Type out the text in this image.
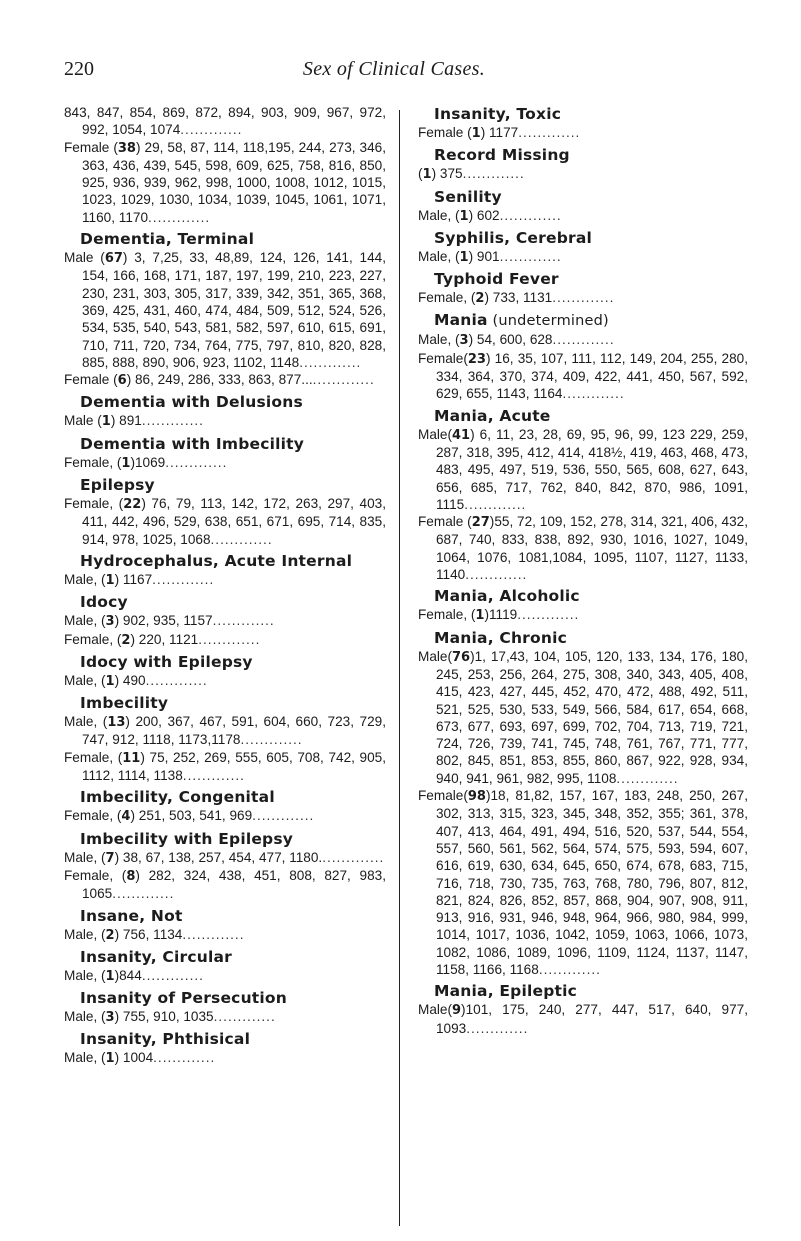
220	Sex of Clinical Cases.
843, 847, 854, 869, 872, 894, 903, 909, 967, 972, 992, 1054, 1074.............
Female (38) 29, 58, 87, 114, 118,195, 244, 273, 346, 363, 436, 439, 545, 598, 609, 625, 758, 816, 850, 925, 936, 939, 962, 998, 1000, 1008, 1012, 1015, 1023, 1029, 1030, 1034, 1039, 1045, 1061, 1071, 1160, 1170.............
Dementia, Terminal
Male (67) 3, 7,25, 33, 48,89, 124, 126, 141, 144, 154, 166, 168, 171, 187, 197, 199, 210, 223, 227, 230, 231, 303, 305, 317, 339, 342, 351, 365, 368, 369, 425, 431, 460, 474, 484, 509, 512, 524, 526, 534, 535, 540, 543, 581, 582, 597, 610, 615, 691, 710, 711, 720, 734, 764, 775, 797, 810, 820, 828, 885, 888, 890, 906, 923, 1102, 1148.............
Female (6) 86, 249, 286, 333, 863, 877................
Dementia with Delusions
Male (1) 891.............
Dementia with Imbecility
Female, (1)1069.............
Epilepsy
Female, (22) 76, 79, 113, 142, 172, 263, 297, 403, 411, 442, 496, 529, 638, 651, 671, 695, 714, 835, 914, 978, 1025, 1068.............
Hydrocephalus, Acute Internal
Male, (1) 1167.............
Idocy
Male, (3) 902, 935, 1157.............
Female, (2) 220, 1121.............
Idocy with Epilepsy
Male, (1) 490.............
Imbecility
Male, (13) 200, 367, 467, 591, 604, 660, 723, 729, 747, 912, 1118, 1173,1178.............
Female, (11) 75, 252, 269, 555, 605, 708, 742, 905, 1112, 1114, 1138.............
Imbecility, Congenital
Female, (4) 251, 503, 541, 969.............
Imbecility with Epilepsy
Male, (7) 38, 67, 138, 257, 454, 477, 1180..............
Female, (8) 282, 324, 438, 451, 808, 827, 983, 1065.............
Insane, Not
Male, (2) 756, 1134.............
Insanity, Circular
Male, (1)844.............
Insanity of Persecution
Male, (3) 755, 910, 1035.............
Insanity, Phthisical
Male, (1) 1004.............
Insanity, Toxic
Female (1) 1177.............
Record Missing
(1) 375.............
Senility
Male, (1) 602.............
Syphilis, Cerebral
Male, (1) 901.............
Typhoid Fever
Female, (2) 733, 1131.............
Mania (undetermined)
Male, (3) 54, 600, 628.............
Female(23) 16, 35, 107, 111, 112, 149, 204, 255, 280, 334, 364, 370, 374, 409, 422, 441, 450, 567, 592, 629, 655, 1143, 1164.............
Mania, Acute
Male(41) 6, 11, 23, 28, 69, 95, 96, 99, 123 229, 259, 287, 318, 395, 412, 414, 418½, 419, 463, 468, 473, 483, 495, 497, 519, 536, 550, 565, 608, 627, 643, 656, 685, 717, 762, 840, 842, 870, 986, 1091, 1115.............
Female (27)55, 72, 109, 152, 278, 314, 321, 406, 432, 687, 740, 833, 838, 892, 930, 1016, 1027, 1049, 1064, 1076, 1081,1084, 1095, 1107, 1127, 1133, 1140.............
Mania, Alcoholic
Female, (1)1119.............
Mania, Chronic
Male(76)1, 17,43, 104, 105, 120, 133, 134, 176, 180, 245, 253, 256, 264, 275, 308, 340, 343, 405, 408, 415, 423, 427, 445, 452, 470, 472, 488, 492, 511, 521, 525, 530, 533, 549, 566, 584, 617, 654, 668, 673, 677, 693, 697, 699, 702, 704, 713, 719, 721, 724, 726, 739, 741, 745, 748, 761, 767, 771, 777, 802, 845, 851, 853, 855, 860, 867, 922, 928, 934, 940, 941, 961, 982, 995, 1108.............
Female(98)18, 81,82, 157, 167, 183, 248, 250, 267, 302, 313, 315, 323, 345, 348, 352, 355; 361, 378, 407, 413, 464, 491, 494, 516, 520, 537, 544, 554, 557, 560, 561, 562, 564, 574, 575, 593, 594, 607, 616, 619, 630, 634, 645, 650, 674, 678, 683, 715, 716, 718, 730, 735, 763, 768, 780, 796, 807, 812, 821, 824, 826, 852, 857, 868, 904, 907, 908, 911, 913, 916, 931, 946, 948, 964, 966, 980, 984, 999, 1014, 1017, 1036, 1042, 1059, 1063, 1066, 1073, 1082, 1086, 1089, 1096, 1109, 1124, 1137, 1147, 1158, 1166, 1168.............
Mania, Epileptic
Male(9)101, 175, 240, 277, 447, 517, 640, 977, 1093.............
